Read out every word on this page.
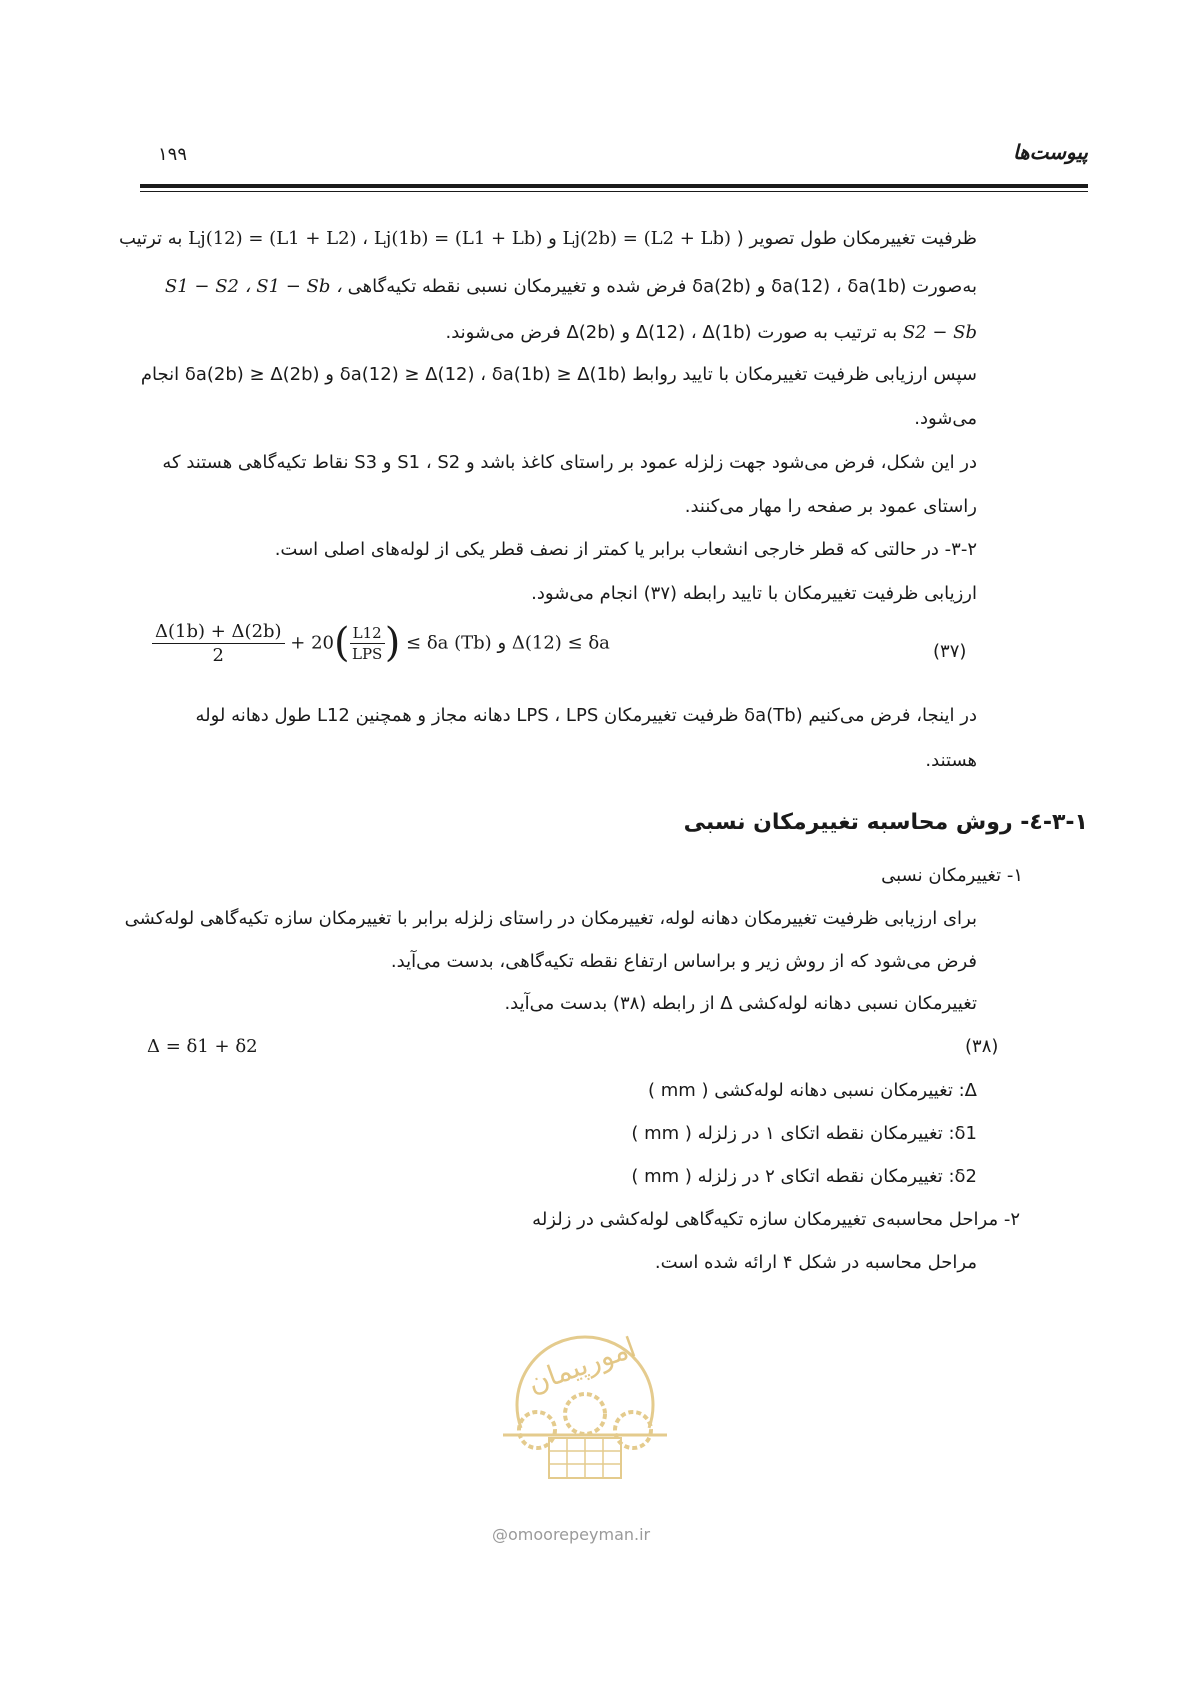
پیوست‌ها
۱۹۹
ظرفیت تغییرمکان طول تصویر ( Lj(12) = (L1 + L2) ، Lj(1b) = (L1 + Lb) و Lj(2b) = (L2 + Lb) به ترتیب
به‌صورت δa(12) ، δa(1b) و δa(2b) فرض شده و تغییرمکان نسبی نقطه تکیه‌گاهی S1 − S2 ، S1 − Sb ،
S2 − Sb به ترتیب به صورت Δ(12) ، Δ(1b) و Δ(2b) فرض می‌شوند.
سپس ارزیابی ظرفیت تغییرمکان با تایید روابط δa(12) ≥ Δ(12) ، δa(1b) ≥ Δ(1b) و δa(2b) ≥ Δ(2b) انجام
می‌شود.
در این شکل، فرض می‌شود جهت زلزله عمود بر راستای کاغذ باشد و S1 ، S2 و S3 نقاط تکیه‌گاهی هستند که
راستای عمود بر صفحه را مهار می‌کنند.
۳-۲- در حالتی که قطر خارجی انشعاب برابر یا کمتر از نصف قطر یکی از لوله‌های اصلی است.
ارزیابی ظرفیت تغییرمکان با تایید رابطه (۳۷) انجام می‌شود.
$\frac{\Delta(1b) + \Delta(2b)}{2} + 20( \frac{L12}{\text{LPS}}$ ) ≤ δa (Tb) و Δ(12) ≤ δa	(۳۷)
در اینجا، فرض می‌کنیم δa(Tb) ظرفیت تغییرمکان LPS ، LPS دهانه مجاز و همچنین L12 طول دهانه لوله
هستند.
۳-۱-٤- روش محاسبه تغییرمکان نسبی
۱- تغییرمکان نسبی
برای ارزیابی ظرفیت تغییرمکان دهانه لوله، تغییرمکان در راستای زلزله برابر با تغییرمکان سازه تکیه‌گاهی لوله‌کشی
فرض می‌شود که از روش زیر و براساس ارتفاع نقطه تکیه‌گاهی، بدست می‌آید.
تغییرمکان نسبی دهانه لوله‌کشی Δ از رابطه (۳۸) بدست می‌آید.
Δ = δ1 + δ2	(۳۸)
Δ: تغییرمکان نسبی دهانه لوله‌کشی ( mm )
δ1: تغییرمکان نقطه اتکای ۱ در زلزله ( mm )
δ2: تغییرمکان نقطه اتکای ۲ در زلزله ( mm )
۲- مراحل محاسبه‌ی تغییرمکان سازه تکیه‌گاهی لوله‌کشی در زلزله
مراحل محاسبه در شکل ۴ ارائه شده است.
امورپیمان
@omoorepeyman.ir
